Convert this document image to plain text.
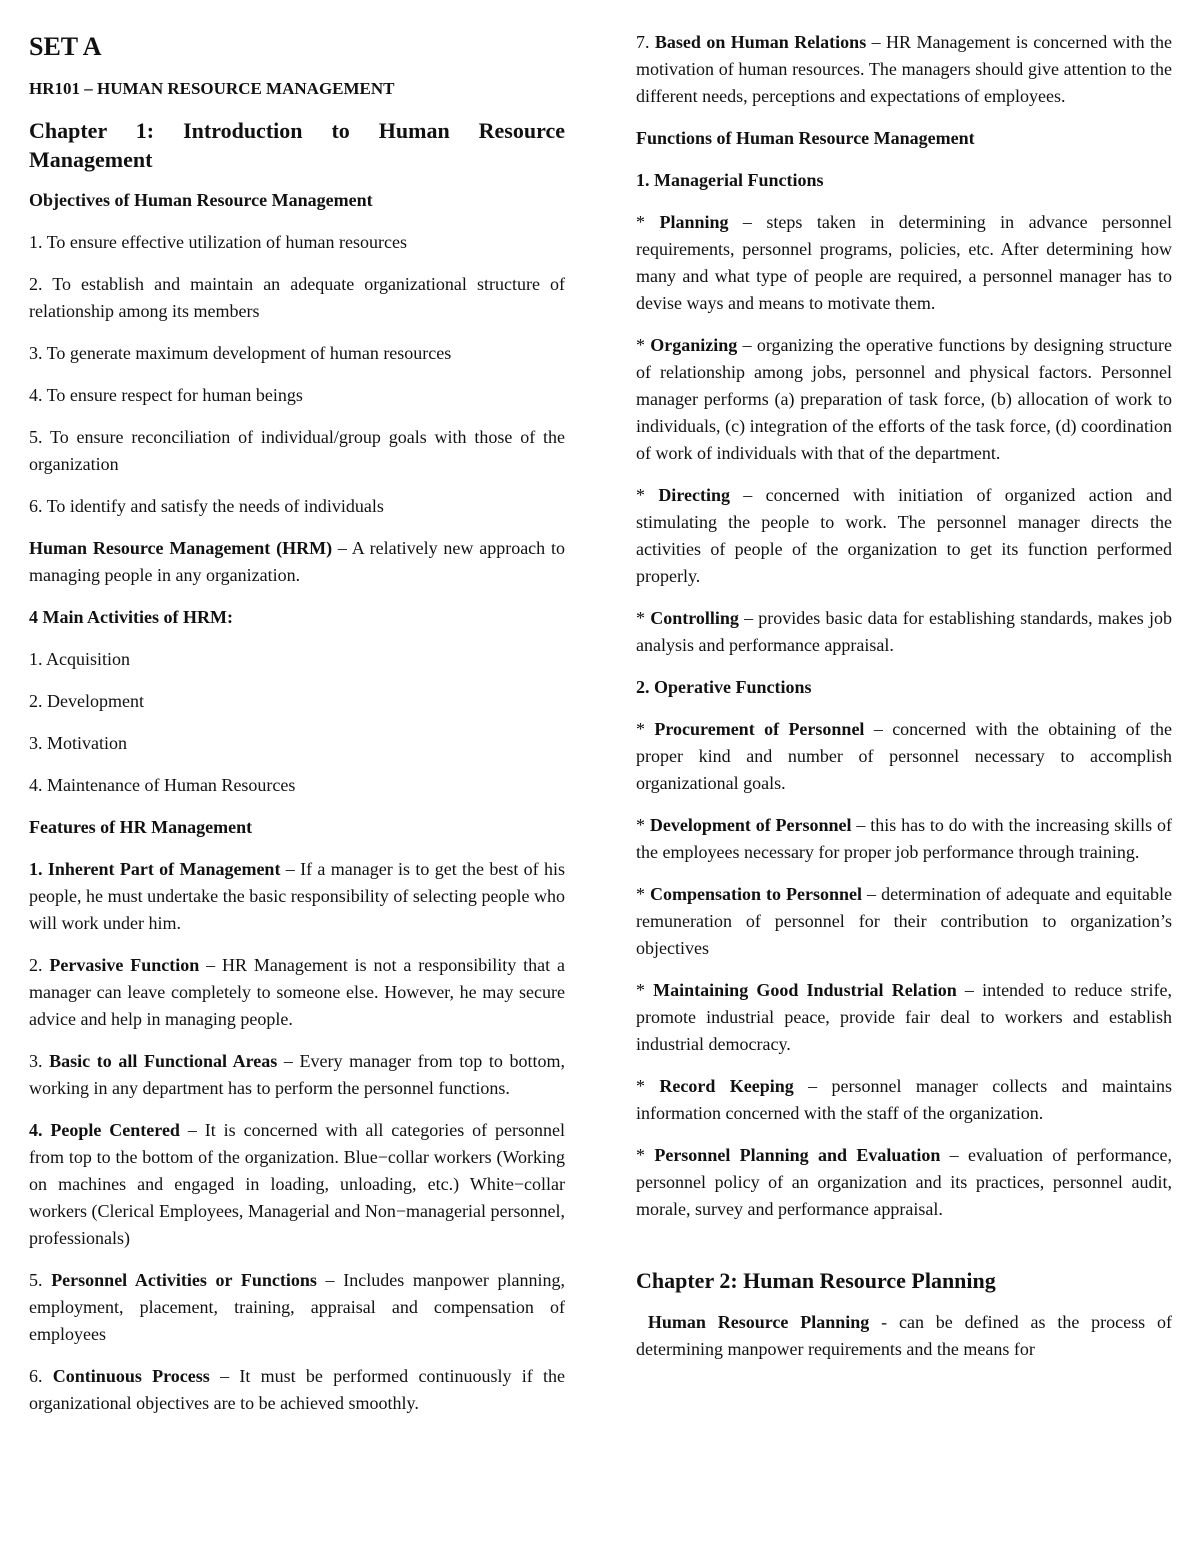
SET A

HR101 – HUMAN RESOURCE MANAGEMENT

Chapter 1: Introduction to Human Resource Management

Objectives of Human Resource Management

1. To ensure effective utilization of human resources

2. To establish and maintain an adequate organizational structure of relationship among its members

3. To generate maximum development of human resources

4. To ensure respect for human beings

5. To ensure reconciliation of individual/group goals with those of the organization

6. To identify and satisfy the needs of individuals

Human Resource Management (HRM) – A relatively new approach to managing people in any organization.

4 Main Activities of HRM:

1. Acquisition

2. Development

3. Motivation

4. Maintenance of Human Resources

Features of HR Management

1. Inherent Part of Management – If a manager is to get the best of his people, he must undertake the basic responsibility of selecting people who will work under him.

2. Pervasive Function – HR Management is not a responsibility that a manager can leave completely to someone else. However, he may secure advice and help in managing people.

3. Basic to all Functional Areas – Every manager from top to bottom, working in any department has to perform the personnel functions.

4. People Centered – It is concerned with all categories of personnel from top to the bottom of the organization. Blue−collar workers (Working on machines and engaged in loading, unloading, etc.) White−collar workers (Clerical Employees, Managerial and Non−managerial personnel, professionals)

5. Personnel Activities or Functions – Includes manpower planning, employment, placement, training, appraisal and compensation of employees

6. Continuous Process – It must be performed continuously if the organizational objectives are to be achieved smoothly.

7. Based on Human Relations – HR Management is concerned with the motivation of human resources. The managers should give attention to the different needs, perceptions and expectations of employees.

Functions of Human Resource Management

1. Managerial Functions

* Planning – steps taken in determining in advance personnel requirements, personnel programs, policies, etc. After determining how many and what type of people are required, a personnel manager has to devise ways and means to motivate them.

* Organizing – organizing the operative functions by designing structure of relationship among jobs, personnel and physical factors. Personnel manager performs (a) preparation of task force, (b) allocation of work to individuals, (c) integration of the efforts of the task force, (d) coordination of work of individuals with that of the department.

* Directing – concerned with initiation of organized action and stimulating the people to work. The personnel manager directs the activities of people of the organization to get its function performed properly.

* Controlling – provides basic data for establishing standards, makes job analysis and performance appraisal.

2. Operative Functions

* Procurement of Personnel – concerned with the obtaining of the proper kind and number of personnel necessary to accomplish organizational goals.

* Development of Personnel – this has to do with the increasing skills of the employees necessary for proper job performance through training.

* Compensation to Personnel – determination of adequate and equitable remuneration of personnel for their contribution to organization’s objectives

* Maintaining Good Industrial Relation – intended to reduce strife, promote industrial peace, provide fair deal to workers and establish industrial democracy.

* Record Keeping – personnel manager collects and maintains information concerned with the staff of the organization.

* Personnel Planning and Evaluation – evaluation of performance, personnel policy of an organization and its practices, personnel audit, morale, survey and performance appraisal.

Chapter 2: Human Resource Planning

Human Resource Planning - can be defined as the process of determining manpower requirements and the means for
